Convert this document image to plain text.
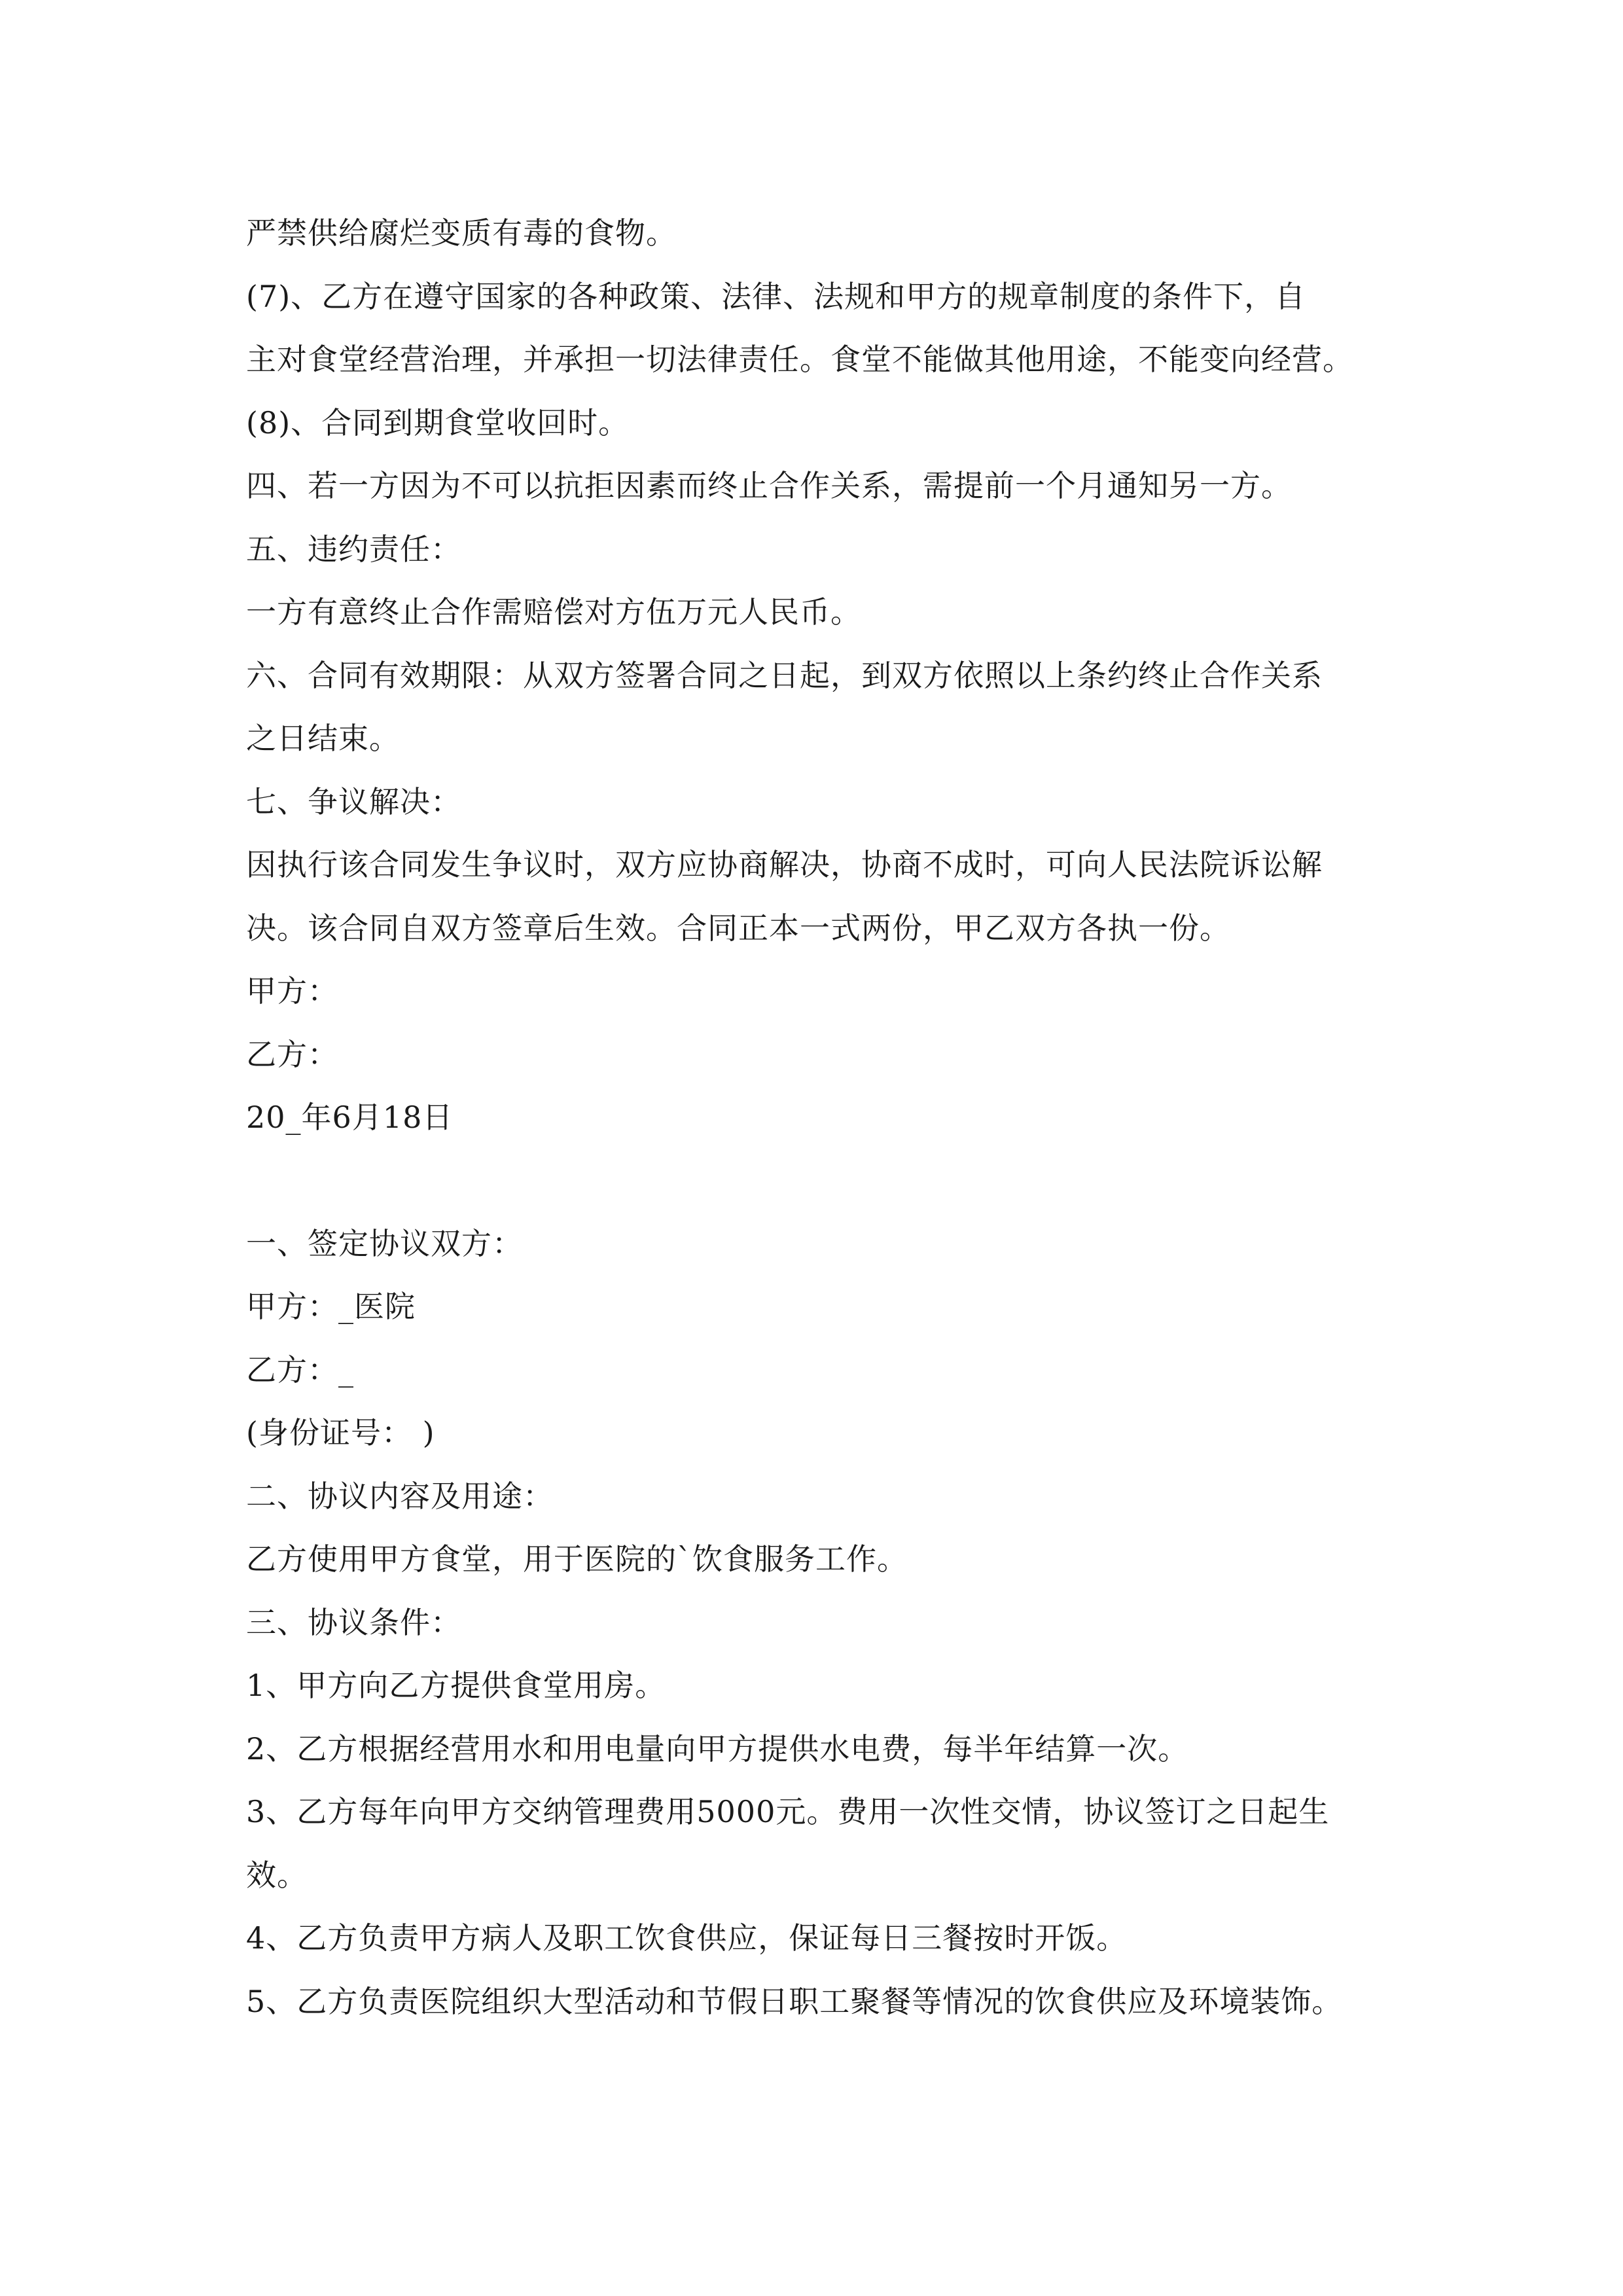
严禁供给腐烂变质有毒的食物。
(7)、乙方在遵守国家的各种政策、法律、法规和甲方的规章制度的条件下，自
主对食堂经营治理，并承担一切法律责任。食堂不能做其他用途，不能变向经营。
(8)、合同到期食堂收回时。
四、若一方因为不可以抗拒因素而终止合作关系，需提前一个月通知另一方。
五、违约责任：
一方有意终止合作需赔偿对方伍万元人民币。
六、合同有效期限：从双方签署合同之日起，到双方依照以上条约终止合作关系
之日结束。
七、争议解决：
因执行该合同发生争议时，双方应协商解决，协商不成时，可向人民法院诉讼解
决。该合同自双方签章后生效。合同正本一式两份，甲乙双方各执一份。
甲方：
乙方：
20_年6月18日
一、签定协议双方：
甲方：_医院
乙方：_
(身份证号： )
二、协议内容及用途：
乙方使用甲方食堂，用于医院的`饮食服务工作。
三、协议条件：
1、甲方向乙方提供食堂用房。
2、乙方根据经营用水和用电量向甲方提供水电费，每半年结算一次。
3、乙方每年向甲方交纳管理费用5000元。费用一次性交情，协议签订之日起生
效。
4、乙方负责甲方病人及职工饮食供应，保证每日三餐按时开饭。
5、乙方负责医院组织大型活动和节假日职工聚餐等情况的饮食供应及环境装饰。
